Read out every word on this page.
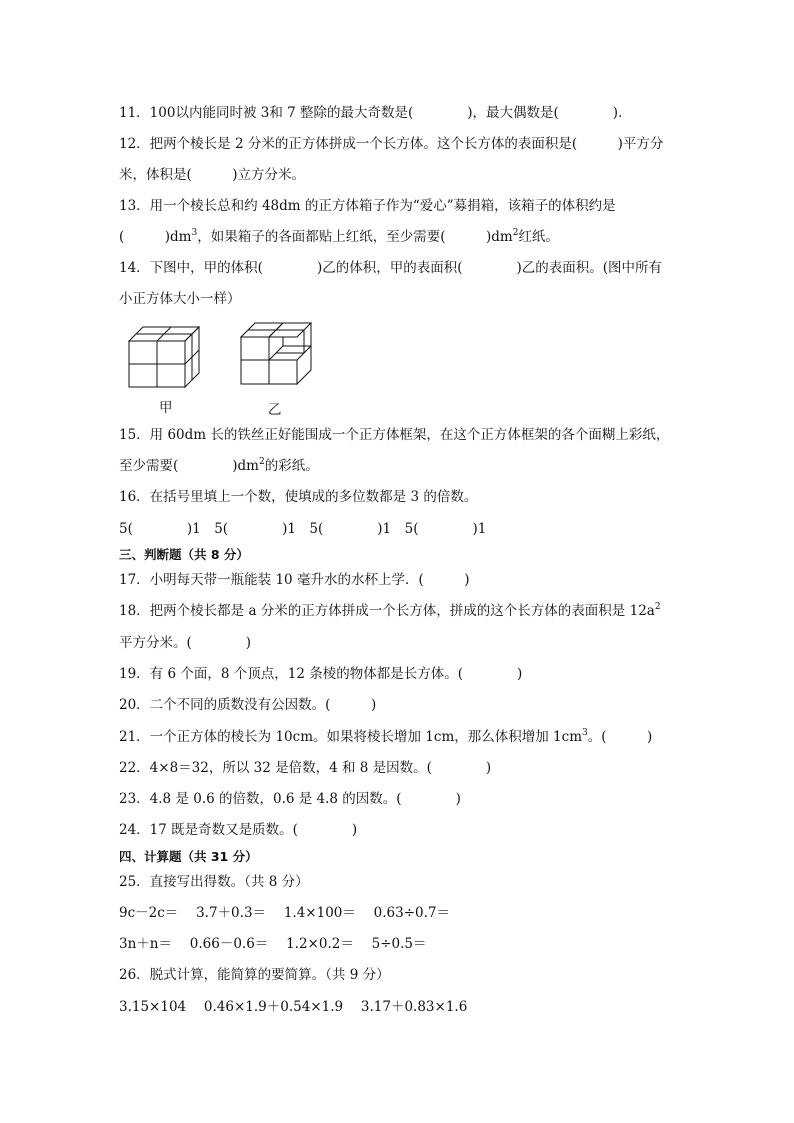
11．100以内能同时被 3和 7 整除的最大奇数是(　　　　)，最大偶数是(　　　　)．
12．把两个棱长是 2 分米的正方体拼成一个长方体。这个长方体的表面积是(　　　)平方分
米，体积是(　　　)立方分米。
13．用一个棱长总和约 48dm 的正方体箱子作为“爱心”募捐箱，该箱子的体积约是
(　　　)$dm^3$，如果箱子的各面都贴上红纸，至少需要(　　　)$dm^2$红纸。
14．下图中，甲的体积(　　　　)乙的体积，甲的表面积(　　　　)乙的表面积。(图中所有
小正方体大小一样）
甲	乙
15．用 60dm 长的铁丝正好能围成一个正方体框架，在这个正方体框架的各个面糊上彩纸，
至少需要(　　　　)$dm^2$的彩纸。
16．在括号里填上一个数，使填成的多位数都是 3 的倍数。
5(　　　　)1　5(　　　　)1　5(　　　　)1　5(　　　　)1
三、判断题（共 8 分）
17．小明每天带一瓶能装 10 毫升水的水杯上学．(　　　)
18．把两个棱长都是 a 分米的正方体拼成一个长方体，拼成的这个长方体的表面积是 $12a^2$
平方分米。(　　　　)
19．有 6 个面，8 个顶点，12 条棱的物体都是长方体。(　　　　)
20．二个不同的质数没有公因数。(　　　)
21．一个正方体的棱长为 10cm。如果将棱长增加 1cm，那么体积增加 $1cm^3$。(　　　)
22．4×8＝32，所以 32 是倍数，4 和 8 是因数。(　　　　)
23．4.8 是 0.6 的倍数，0.6 是 4.8 的因数。(　　　　)
24．17 既是奇数又是质数。(　　　　)
四、计算题（共 31 分）
25．直接写出得数。（共 8 分）
9c－2c＝　 3.7＋0.3＝　 1.4×100＝　 0.63÷0.7＝
3n＋n＝　 0.66－0.6＝　 1.2×0.2＝　 5÷0.5＝
26．脱式计算，能简算的要简算。（共 9 分）
3.15×104　 0.46×1.9＋0.54×1.9　 3.17＋0.83×1.6
